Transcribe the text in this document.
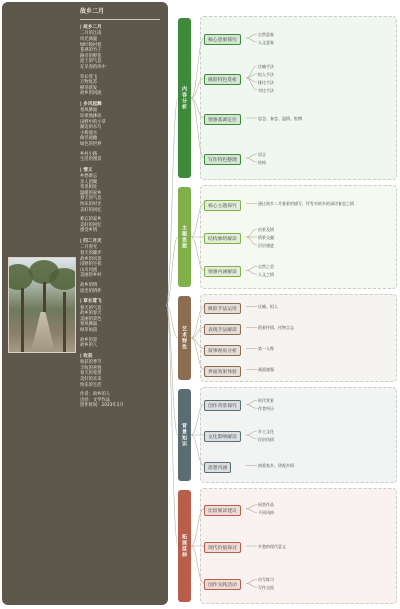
故乡二月
| 故乡二月
二月的江南
风光旖旎
绿叶映衬着
苍翠的竹子
路旁的野花
泥土的气息
在早春的风中
草长莺飞
万物复苏
柳芽新发
故乡的河流
| 乡风起舞
春风拂面
轻柔地拂动
田野中的小草
湖边的水鸟
小桥流水
曲径通幽
绿色的世界
乡村小路
生活的图景
| 情义
乡愁难忘
亲人团聚
邻里相处
温暖的家乡
春天的气息
快乐的时光
美好的回忆
难忘的家乡
美好的回忆
感受乡情
| 四二月天
二月春光
春天的脚步
故乡的风景
田野的生机
山川河流
美丽的乡村
故乡的情
思念的情怀
| 草长莺飞
春天的气息
故乡的春天
美丽的景色
春风拂面
绿草如茵
故乡的景
故乡的人
| 收获
收获的季节
丰收的喜悦
春天的希望
美好的未来
快乐的生活
作者：故乡的人
出处：文学作品
创作时间：2023年2月
中
内容分析
核心意象探究
自然意象
人文意象
修辞特色赏析
比喻手法
拟人手法
排比手法
对比手法
情感基调定位	思念、眷恋、温情、怅惘
写作特色整理
语言
结构
主题思想
核心主题探究	通过故乡二月春景的描写，抒发对故乡的深切眷恋之情
结构脉络解读
由景及情
情景交融
层层递进
情感内涵解读
自然之美
人文之情
艺术特色
修辞手法运用	比喻、拟人
表现手法解读	借景抒情、托物言志
叙事视角分析	第一人称
界面效果体验	画面感强
背景知识
创作背景探究
时代背景
作者经历
文化影响解读
乡土文化
民俗风情
思想内涵	热爱家乡，珍视乡情
拓展延伸
比较阅读建议
同类作品
不同风格
现代价值探讨	乡愁的现代意义
创作实践活动
仿写练习
写作交流
